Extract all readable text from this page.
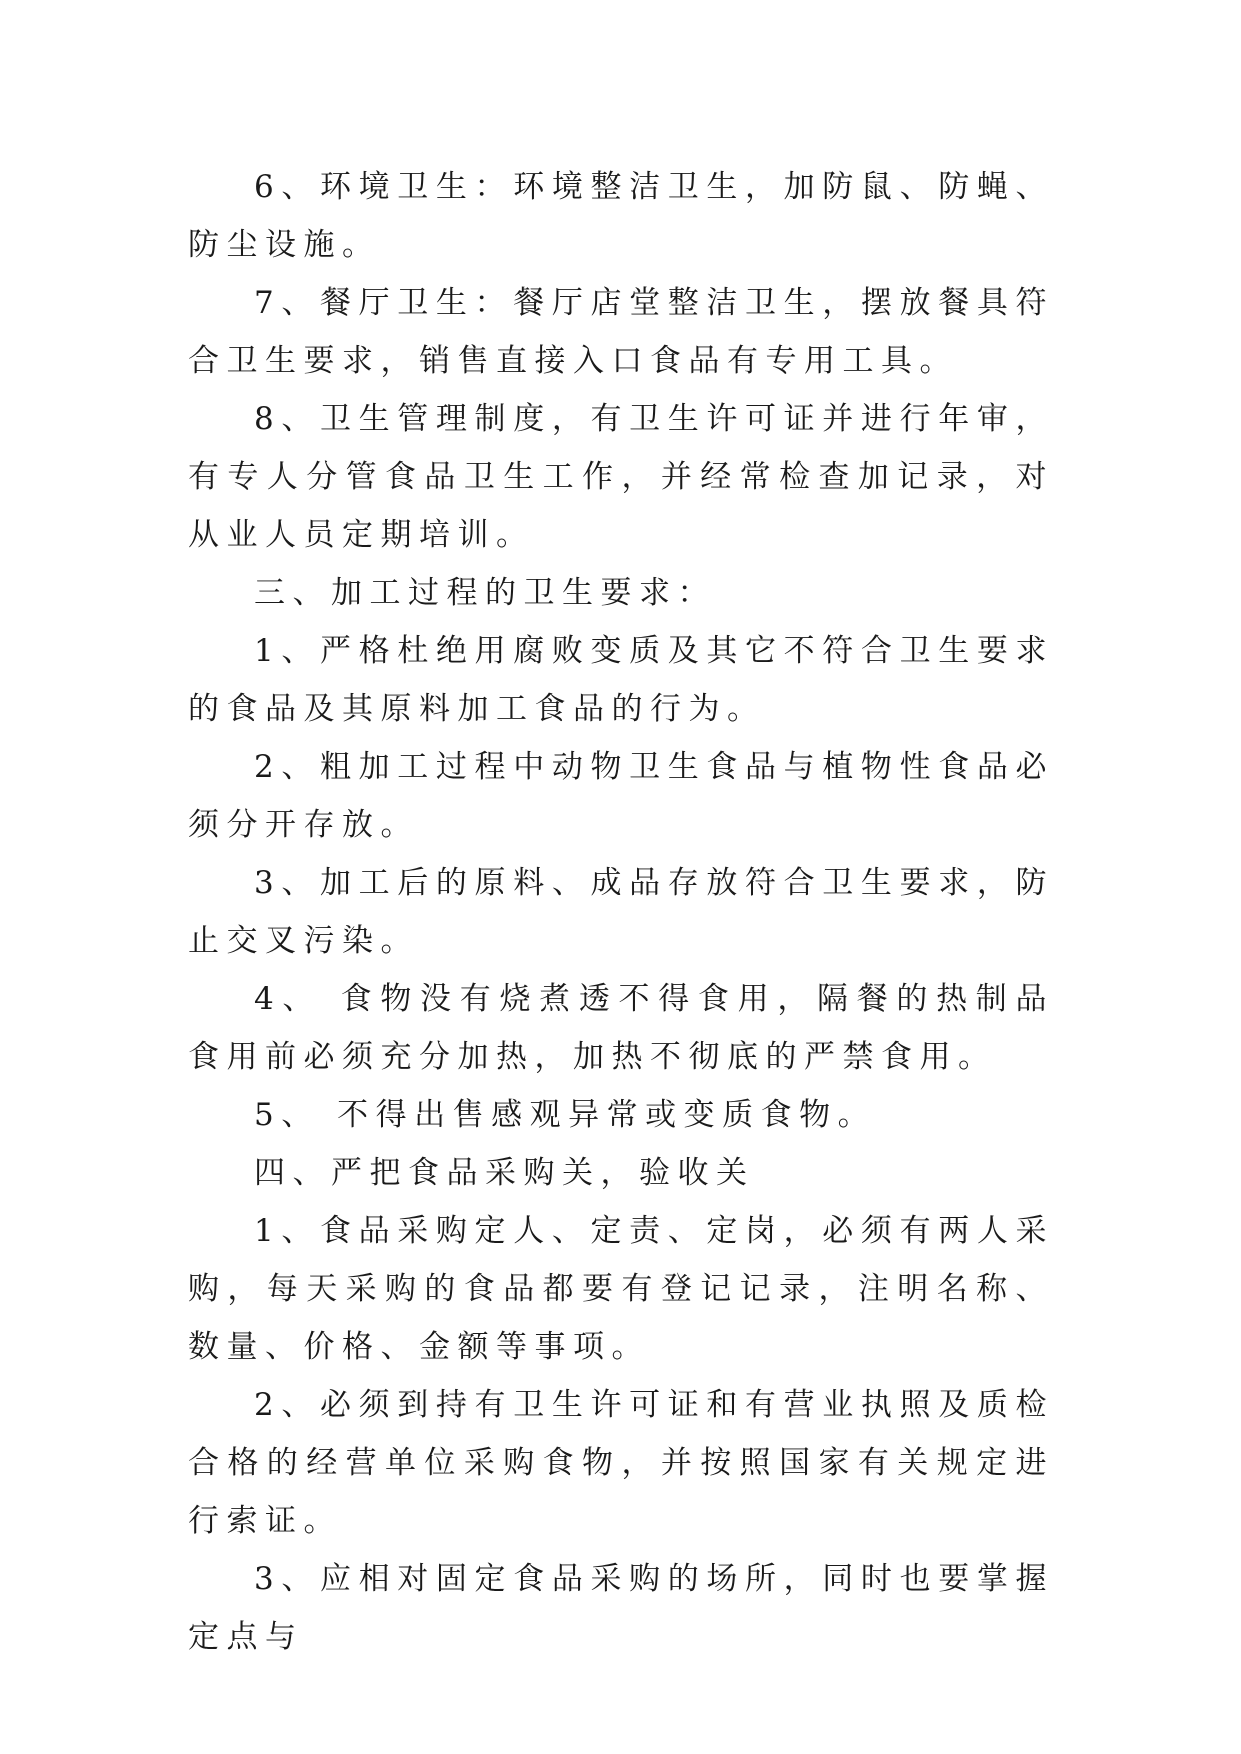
6、环境卫生：环境整洁卫生，加防鼠、防蝇、防尘设施。

7、餐厅卫生：餐厅店堂整洁卫生，摆放餐具符合卫生要求，销售直接入口食品有专用工具。

8、卫生管理制度，有卫生许可证并进行年审，有专人分管食品卫生工作，并经常检查加记录，对从业人员定期培训。

三、加工过程的卫生要求：

1、严格杜绝用腐败变质及其它不符合卫生要求的食品及其原料加工食品的行为。

2、粗加工过程中动物卫生食品与植物性食品必须分开存放。

3、加工后的原料、成品存放符合卫生要求，防止交叉污染。

4、 食物没有烧煮透不得食用，隔餐的热制品食用前必须充分加热，加热不彻底的严禁食用。

5、 不得出售感观异常或变质食物。

四、严把食品采购关，验收关

1、食品采购定人、定责、定岗，必须有两人采购，每天采购的食品都要有登记记录，注明名称、数量、价格、金额等事项。

2、必须到持有卫生许可证和有营业执照及质检合格的经营单位采购食物，并按照国家有关规定进行索证。

3、应相对固定食品采购的场所，同时也要掌握定点与
